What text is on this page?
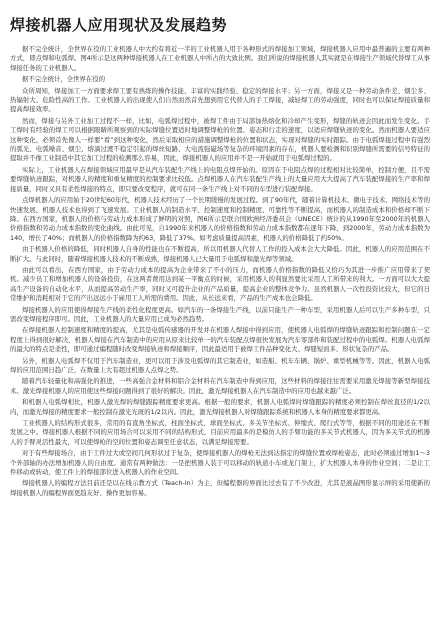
焊接机器人应用现状及发展趋势

据不完全统计，全世界在役的工业机器人中大约有将近一半的工业机器人用于各种形式的焊接加工领域，焊接机器人应用中最普遍的主要有两种方式，即点焊和电弧焊。图4所示是这两种焊接机器人在工业机器人中所占的大致比例。我们所说的焊接机器人其实就是在焊接生产领域代替焊工从事焊接任务的工业机器人。

据不完全统计，全世界在役的

众所周知，焊接加工一方面要求焊工要有熟练的操作技能、丰富的实践经验、稳定的焊接水平；另一方面，焊接又是一种劳动条件差、烟尘多、热辐射大、危险性高的工作。工业机器人的出现使人们自然而然首先想到用它代替人的手工焊接，减轻焊工的劳动强度，同时也可以保证焊接质量和提高焊接效率。

然而，焊接与另外工业加工过程不一样，比如，电弧焊过程中，被焊工件由于局部加热熔化和冷却产生变形，焊缝的轨迹会因此而发生变化。手工焊时有经验的焊工可以根据眼睛所观察到的实际焊缝位置适时地调整焊枪的位置、姿态和行走的速度，以适应焊缝轨迹的变化。然而机器人要适应这种变化，必须首先像人一样要“看”到这种变化，然后采取相应的措施调整焊枪的位置和状态，实现对焊缝的实时跟踪。由于电弧焊接过程中有强烈的弧光、电弧噪音、烟尘、熔滴过渡不稳定引起的焊丝短路、大电流强磁场等复杂的环境因素的存在，机器人要检测和识别焊缝所需要的信号特征的提取并不像工业制造中其它加工过程的检测那么容易，因此，焊接机器人的应用并不是一开始就用于电弧焊过程的。

实际上，工业机器人在焊接领域应用最早是从汽车装配生产线上的电阻点焊开始的。原因在于电阻点焊的过程相对比较简单，控制方便，且不需要焊缝轨迹跟踪，对机器人的精度和重复精度的控制要求比较低。点焊机器人在汽车装配生产线上的大量应用大大提高了汽车装配焊接的生产率和焊接质量，同时又具有柔性焊接的特点，即只要改变程序，就可在同一条生产线上对不同的车型进行装配焊接。

点焊机器人的应用始于20世纪60年代，机器人技术经历了一个长期缓慢的发展过程。到了90年代，随着计算机技术、微电子技术、网络技术等的快速发展，机器人技术也得到了飞速发展。工业机器人的制造水平、控制速度和控制精度、可靠性等不断提高，而机器人的制造成本和价格却不断下降。在西方国家，机器人的价格与劳动力成本形成了鲜明的对照，图6所示是联合国欧洲经济委员会（UNECE）统计的从1990年至2000年的机器人价格指数和劳动力成本指数的变化曲线。由此可见，自1990年来机器人的价格指数和劳动力成本指数都在逐年下降，到2000年，劳动力成本指数为140，增长了40%；而机器人的价格指数降为约63，降低了37%。如考虑质量提高因素，机器人的价格降低了约50%。

由于机器人价格的降低，同时机器人自身的性能也在不断提高，所以用机器人代替人工作的投入成本会大大降低。因此，机器人的应用范围在不断扩大。与此同时，随着焊接机器人技术的不断成熟，焊接机器人已大量用于电弧焊和激光焊等领域。

由此可以看出，在西方国家，由于劳动力成本的提高为企业带来了不小的压力，而机器人价格指数的降低又恰巧为其进一步推广应用带来了契机。减少员工和增加机器人的设备投资，在这两者费用达到某一平衡点的时候，采用机器人的利显然要比采用人工所带来的利大。一方面可以大大提高生产设备的自动化水平，从而提高劳动生产率，同时又可提升企业的产品质量，提高企业的整体竞争力。虽然机器人一次性投资比较大，但它的日常维护和消耗相对于它的产出远远小于雇用工人所需的费用。因此，从长远来看，产品的生产成本也会降低。

焊接机器人的应用使得焊接生产线的柔性化程度更高。如汽车的一条焊接生产线，以前只能生产一种车型，采用机器人后可以生产多种车型，只需改变焊接程序即可。因此，工业机器人的大量应用已成为必然趋势。

在焊接机器人控制速度和精度的提高，尤其是电弧传感器的开发并在机器人焊接中得到应用，使机器人电弧焊的焊缝轨迹跟踪和控制问题在一定程度上得到很好解决，机器人焊接在汽车制造中的应用从原来比较单一的汽车装配点焊很快发展为汽车零部件和装配过程中的电弧焊。机器人电弧焊的最大的特点是柔性，即可通过编程随时改变焊接轨迹和焊接顺序，因此最适用于被焊工件品种变化大、焊缝短而多、形状复杂的产品。

另外，机器人电弧焊不仅用于汽车制造业，更可以用于涉及电弧焊的其它制造业，如造船、机车车辆、锅炉、重型机械等等。因此，机器人电弧焊的应用范围日趋广泛，在数量上大有超过机器人点焊之势。

随着汽车轻量化和高强化的推进，一些高强合金材料和铝合金材料在汽车制造中得到应用，这些材料的焊接往往需要采用激光焊接等新型焊接技术。激光焊接机器人的应用使这些焊接问题得到了很好的解决。因此，激光焊接机器人在汽车制造中的应用也越来越广泛。

和机器人电弧焊相比，机器人激光焊的焊缝跟踪精度要求更高。根据一般的要求，机器人电弧焊时焊缝跟踪的精度必须控制在焊丝直径的1/2以内，而激光焊接的精度要求一般控制在激光光斑的1/2以内。因此，激光焊接机器人对焊缝跟踪系统和机器人本身的精度要求都更高。

工业机器人的结构形式很多，常用的有直角坐标式、柱面坐标式、球面坐标式、多关节坐标式、伸缩式、爬行式等等，根据不同的用途还在不断发展之中。焊接机器人根据不同的应用场合可以采用不同的结构形式，目前应用最多的是模仿人的手臂功能的多关节式机器人，因为多关节式的机器人的手臂灵活性最大，可以使焊枪的空间位置和姿态调至任意状态，以满足焊接需要。

对于有些焊接场合，由于工件过大或空间几何形状过于复杂，使焊接机器人的焊枪无法到达指定的焊缝位置或焊枪姿态，此时必须通过增加1～3个外部轴的办法增加机器人的自由度。通常有两种做法：一是把机器人装于可以移动的轨道小车或龙门架上，扩大机器人本身的作业空间；二是让工件移动或转动，使工件上的焊接部位进入机器人的作业空间。

焊接机器人的编程方法目前还是以在线示教方式（Teach-in）为主，但编程器的界面比过去有了不少改进，尤其是液晶图形显示屏的采用使新的焊接机器人的编程界面更趋友好、操作更加容易。
